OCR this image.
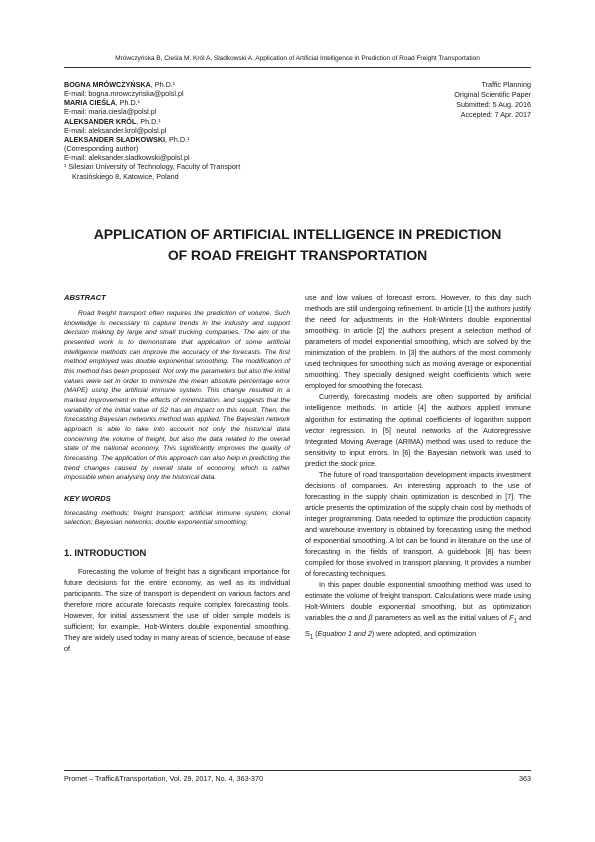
Mrówczyńska B, Cieśla M, Król A, Sładkowski A. Application of Artificial Intelligence in Prediction of Road Freight Transportation
BOGNA MRÓWCZYŃSKA, Ph.D.¹
E-mail: bogna.mrowczynska@polsl.pl
MARIA CIEŚLA, Ph.D.¹
E-mail: maria.ciesla@polsl.pl
ALEKSANDER KRÓL, Ph.D.¹
E-mail: aleksander.krol@polsl.pl
ALEKSANDER SŁADKOWSKI, Ph.D.¹
(Corresponding author)
E-mail: aleksander.sladkowski@polsl.pl
¹ Silesian University of Technology, Faculty of Transport
Krasińskiego 8, Katowice, Poland
Traffic Planning
Original Scientific Paper
Submitted: 5 Aug. 2016
Accepted: 7 Apr. 2017
APPLICATION OF ARTIFICIAL INTELLIGENCE IN PREDICTION
OF ROAD FREIGHT TRANSPORTATION
ABSTRACT

Road freight transport often requires the prediction of volume. Such knowledge is necessary to capture trends in the industry and support decision making by large and small trucking companies. The aim of the presented work is to demonstrate that application of some artificial intelligence methods can improve the accuracy of the forecasts. The first method employed was double exponential smoothing. The modification of this method has been proposed. Not only the parameters but also the initial values were set in order to minimize the mean absolute percentage error (MAPE) using the artificial immune system. This change resulted in a marked improvement in the effects of minimization, and suggests that the variability of the initial value of S2 has an impact on this result. Then, the forecasting Bayesian networks method was applied. The Bayesian network approach is able to take into account not only the historical data concerning the volume of freight, but also the data related to the overall state of the national economy. This significantly improves the quality of forecasting. The application of this approach can also help in predicting the trend changes caused by overall state of economy, which is rather impossible when analysing only the historical data.

KEY WORDS

forecasting methods; freight transport; artificial immune system; clonal selection; Bayesian networks; double exponential smoothing;

1. INTRODUCTION

Forecasting the volume of freight has a significant importance for future decisions for the entire economy, as well as its individual participants. The size of transport is dependent on various factors and therefore more accurate forecasts require complex forecasting tools. However, for initial assessment the use of older simple models is sufficient; for example, Holt-Winters double exponential smoothing. They are widely used today in many areas of science, because of ease of

use and low values of forecast errors. However, to this day such methods are still undergoing refinement. In article [1] the authors justify the need for adjustments in the Holt-Winters double exponential smoothing. In article [2] the authors present a selection method of parameters of model exponential smoothing, which are solved by the minimization of the problem. In [3] the authors of the most commonly used techniques for smoothing such as moving average or exponential smoothing. They specially designed weight coefficients which were employed for smoothing the forecast.

Currently, forecasting models are often supported by artificial intelligence methods. In article [4] the authors applied immune algorithm for estimating the optimal coefficients of logarithm support vector regression. In [5] neural networks of the Autoregressive Integrated Moving Average (ARIMA) method was used to reduce the sensitivity to input errors. In [6] the Bayesian network was used to predict the stock price.

The future of road transportation development impacts investment decisions of companies. An interesting approach to the use of forecasting in the supply chain optimization is described in [7]. The article presents the optimization of the supply chain cost by methods of integer programming. Data needed to optimize the production capacity and warehouse inventory is obtained by forecasting using the method of exponential smoothing. A lot can be found in literature on the use of forecasting in the fields of transport. A guidebook [8] has been compiled for those involved in transport planning. It provides a number of forecasting techniques.

In this paper double exponential smoothing method was used to estimate the volume of freight transport. Calculations were made using Holt-Winters double exponential smoothing, but as optimization variables the α and β parameters as well as the initial values of $F_1$ and $S_1$ (Equation 1 and 2) were adopted, and optimization

Promet – Traffic&Transportation, Vol. 29, 2017, No. 4, 363-370	363
